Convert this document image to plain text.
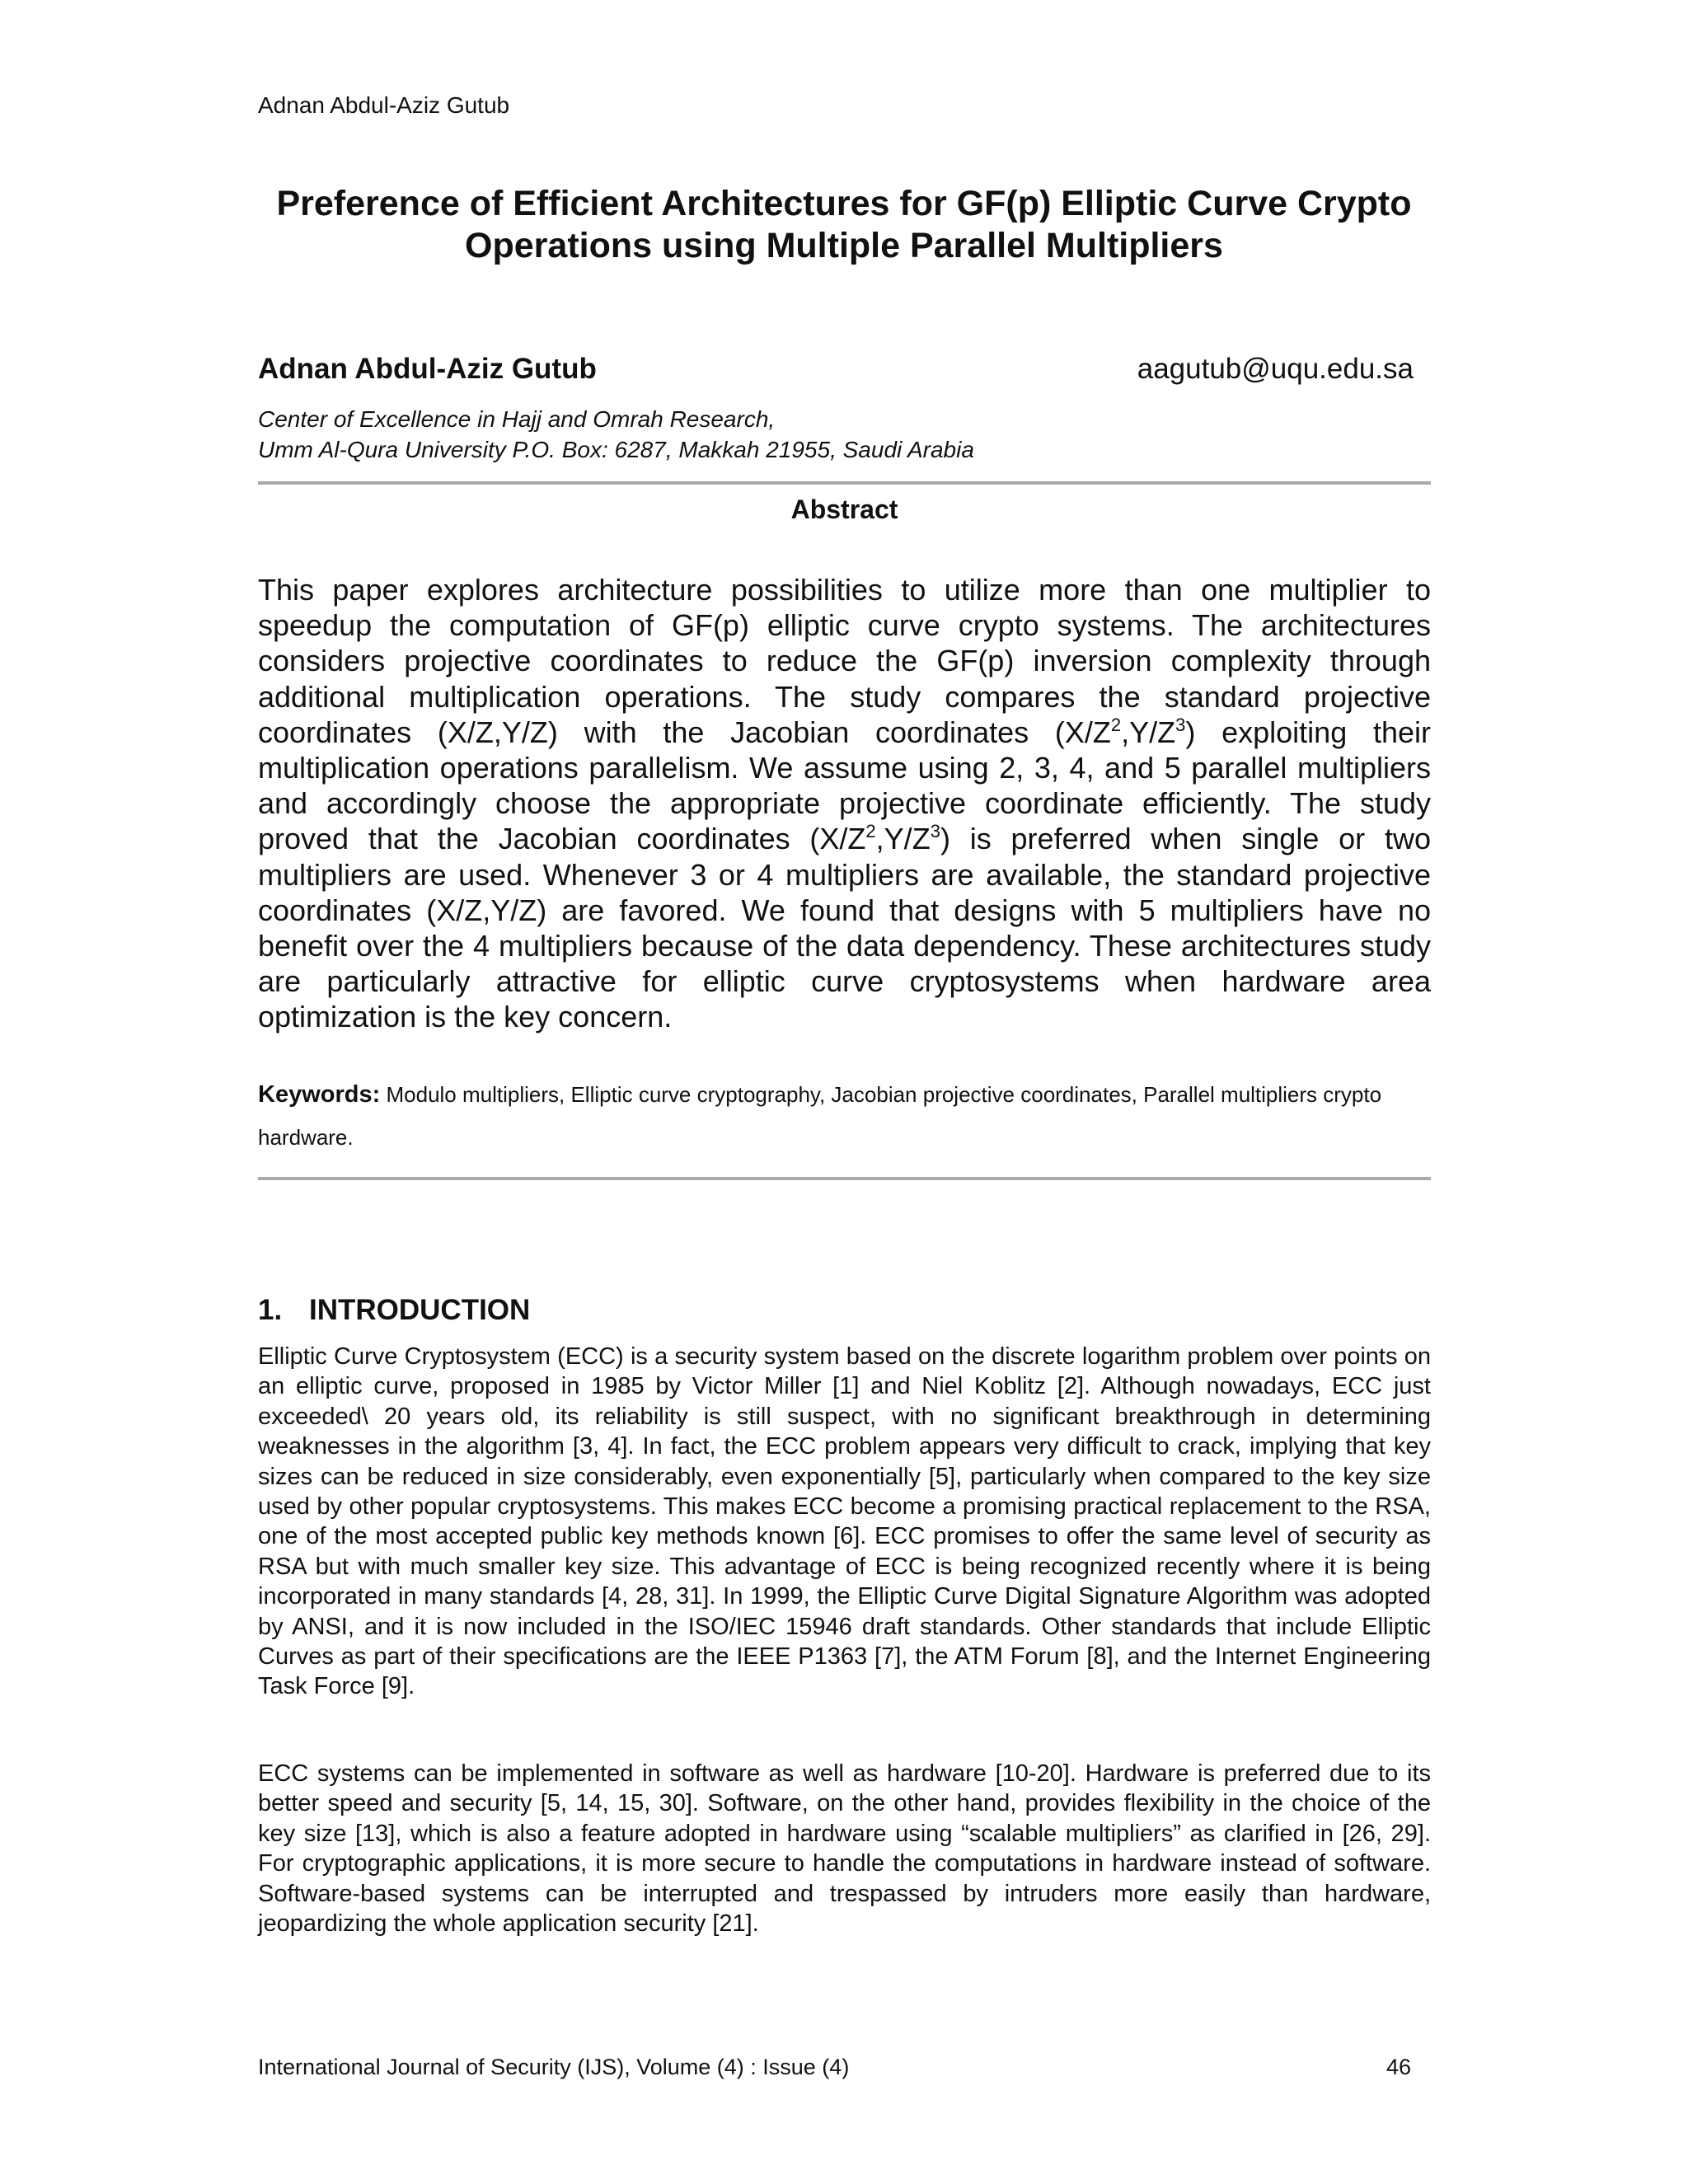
Adnan Abdul-Aziz Gutub
Preference of Efficient Architectures for GF(p) Elliptic Curve Crypto
Operations using Multiple Parallel Multipliers
Adnan Abdul-Aziz Gutub	aagutub@uqu.edu.sa
Center of Excellence in Hajj and Omrah Research,
Umm Al-Qura University P.O. Box: 6287, Makkah 21955, Saudi Arabia
Abstract
This paper explores architecture possibilities to utilize more than one multiplier to speedup the computation of GF(p) elliptic curve crypto systems. The architectures considers projective coordinates to reduce the GF(p) inversion complexity through additional multiplication operations. The study compares the standard projective coordinates (X/Z,Y/Z) with the Jacobian coordinates $(X/Z^2,Y/Z^3)$ exploiting their multiplication operations parallelism. We assume using 2, 3, 4, and 5 parallel multipliers and accordingly choose the appropriate projective coordinate efficiently. The study proved that the Jacobian coordinates $(X/Z^2,Y/Z^3)$ is preferred when single or two multipliers are used. Whenever 3 or 4 multipliers are available, the standard projective coordinates (X/Z,Y/Z) are favored. We found that designs with 5 multipliers have no benefit over the 4 multipliers because of the data dependency. These architectures study are particularly attractive for elliptic curve cryptosystems when hardware area optimization is the key concern.
Keywords: Modulo multipliers, Elliptic curve cryptography, Jacobian projective coordinates, Parallel multipliers crypto hardware.
1. INTRODUCTION
Elliptic Curve Cryptosystem (ECC) is a security system based on the discrete logarithm problem over points on an elliptic curve, proposed in 1985 by Victor Miller [1] and Niel Koblitz [2]. Although nowadays, ECC just exceeded\ 20 years old, its reliability is still suspect, with no significant breakthrough in determining weaknesses in the algorithm [3, 4]. In fact, the ECC problem appears very difficult to crack, implying that key sizes can be reduced in size considerably, even exponentially [5], particularly when compared to the key size used by other popular cryptosystems. This makes ECC become a promising practical replacement to the RSA, one of the most accepted public key methods known [6]. ECC promises to offer the same level of security as RSA but with much smaller key size. This advantage of ECC is being recognized recently where it is being incorporated in many standards [4, 28, 31]. In 1999, the Elliptic Curve Digital Signature Algorithm was adopted by ANSI, and it is now included in the ISO/IEC 15946 draft standards. Other standards that include Elliptic Curves as part of their specifications are the IEEE P1363 [7], the ATM Forum [8], and the Internet Engineering Task Force [9].
ECC systems can be implemented in software as well as hardware [10-20]. Hardware is preferred due to its better speed and security [5, 14, 15, 30]. Software, on the other hand, provides flexibility in the choice of the key size [13], which is also a feature adopted in hardware using “scalable multipliers” as clarified in [26, 29]. For cryptographic applications, it is more secure to handle the computations in hardware instead of software. Software-based systems can be interrupted and trespassed by intruders more easily than hardware, jeopardizing the whole application security [21].
International Journal of Security (IJS), Volume (4) : Issue (4)	46
